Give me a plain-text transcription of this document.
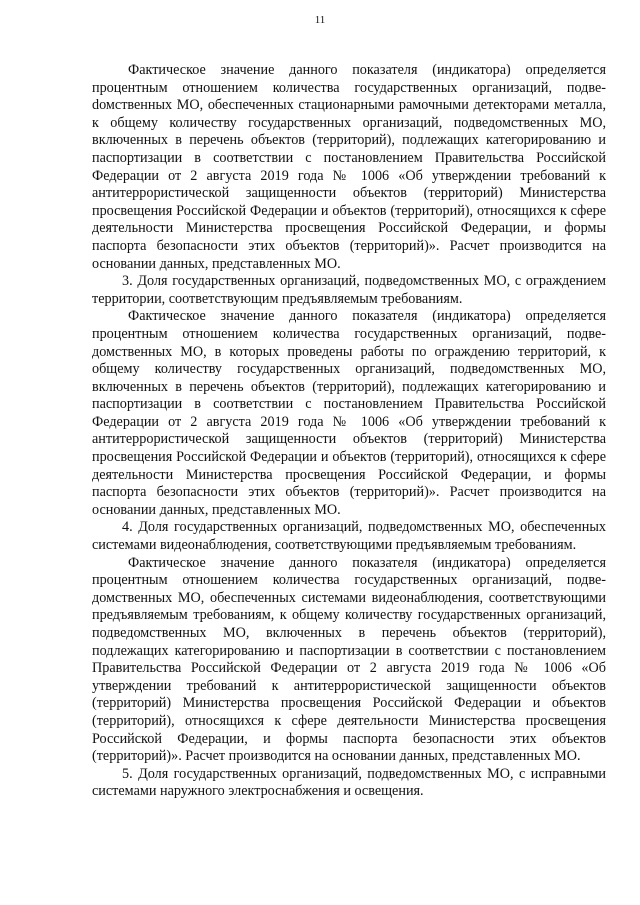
11

Фактическое значение данного показателя (индикатора) определяется процентным отношением количества государственных организаций, подвеdомственных МО, обеспеченных стационарными рамочными детекторами металла, к общему количеству государственных организаций, подведомственных МО, включенных в перечень объектов (территорий), подлежащих категорированию и паспортизации в соответствии с постановлением Правительства Российской Федерации от 2 августа 2019 года № 1006 «Об утверждении требований к антитеррористической защищенности объектов (территорий) Министерства просвещения Российской Федерации и объектов (территорий), относящихся к сфере деятельности Министерства просвещения Российской Федерации, и формы паспорта безопасности этих объектов (территорий)». Расчет производится на основании данных, представленных МО.

3. Доля государственных организаций, подведомственных МО, с ограждением территории, соответствующим предъявляемым требованиям.

Фактическое значение данного показателя (индикатора) определяется процентным отношением количества государственных организаций, подведомственных МО, в которых проведены работы по ограждению территорий, к общему количеству государственных организаций, подведомственных МО, включенных в перечень объектов (территорий), подлежащих категорированию и паспортизации в соответствии с постановлением Правительства Российской Федерации от 2 августа 2019 года № 1006 «Об утверждении требований к антитеррористической защищенности объектов (территорий) Министерства просвещения Российской Федерации и объектов (территорий), относящихся к сфере деятельности Министерства просвещения Российской Федерации, и формы паспорта безопасности этих объектов (территорий)». Расчет производится на основании данных, представленных МО.

4. Доля государственных организаций, подведомственных МО, обеспеченных системами видеонаблюдения, соответствующими предъявляемым требованиям.

Фактическое значение данного показателя (индикатора) определяется процентным отношением количества государственных организаций, подведомственных МО, обеспеченных системами видеонаблюдения, соответствующими предъявляемым требованиям, к общему количеству государственных организаций, подведомственных МО, включенных в перечень объектов (территорий), подлежащих категорированию и паспортизации в соответствии с постановлением Правительства Российской Федерации от 2 августа 2019 года № 1006 «Об утверждении требований к антитеррористической защищенности объектов (территорий) Министерства просвещения Российской Федерации и объектов (территорий), относящихся к сфере деятельности Министерства просвещения Российской Федерации, и формы паспорта безопасности этих объектов (территорий)». Расчет производится на основании данных, представленных МО.

5. Доля государственных организаций, подведомственных МО, с исправными системами наружного электроснабжения и освещения.
